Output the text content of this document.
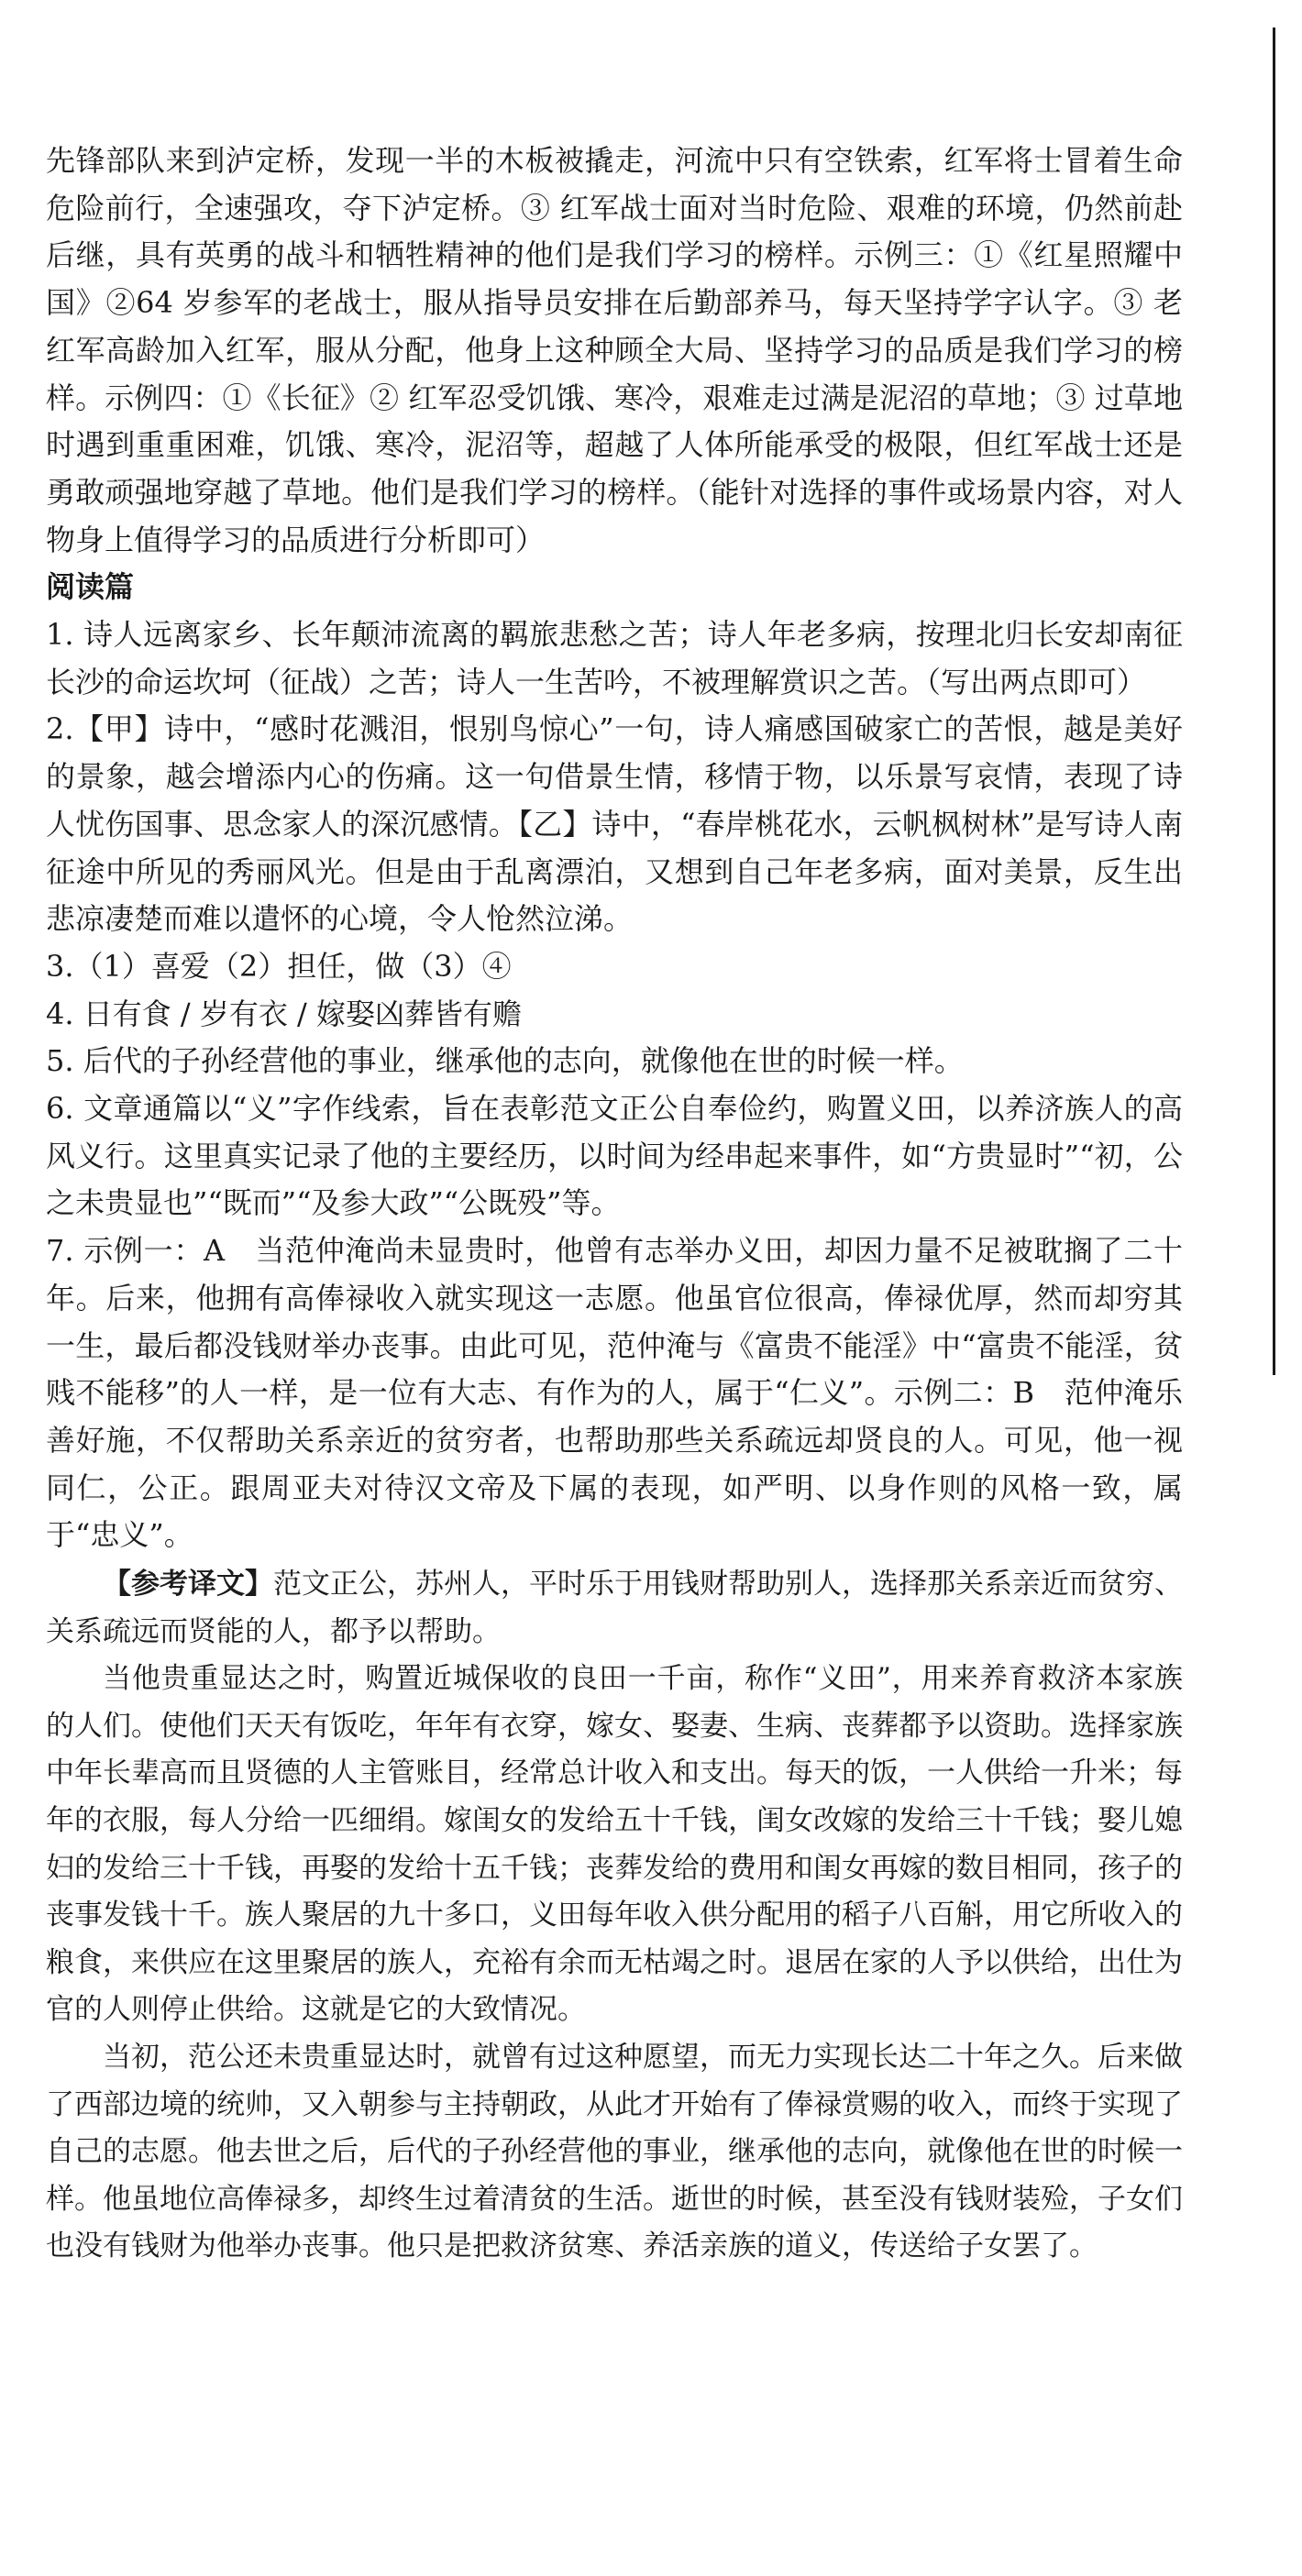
先锋部队来到泸定桥，发现一半的木板被撬走，河流中只有空铁索，红军将士冒着生命危险前行，全速强攻，夺下泸定桥。③ 红军战士面对当时危险、艰难的环境，仍然前赴后继，具有英勇的战斗和牺牲精神的他们是我们学习的榜样。示例三：①《红星照耀中国》②64 岁参军的老战士，服从指导员安排在后勤部养马，每天坚持学字认字。③ 老红军高龄加入红军，服从分配，他身上这种顾全大局、坚持学习的品质是我们学习的榜样。示例四：①《长征》② 红军忍受饥饿、寒冷，艰难走过满是泥沼的草地；③ 过草地时遇到重重困难，饥饿、寒冷，泥沼等，超越了人体所能承受的极限，但红军战士还是勇敢顽强地穿越了草地。他们是我们学习的榜样。（能针对选择的事件或场景内容，对人物身上值得学习的品质进行分析即可）

阅读篇

1. 诗人远离家乡、长年颠沛流离的羁旅悲愁之苦；诗人年老多病，按理北归长安却南征长沙的命运坎坷（征战）之苦；诗人一生苦吟，不被理解赏识之苦。（写出两点即可）

2.【甲】诗中，“感时花溅泪，恨别鸟惊心”一句，诗人痛感国破家亡的苦恨，越是美好的景象，越会增添内心的伤痛。这一句借景生情，移情于物，以乐景写哀情，表现了诗人忧伤国事、思念家人的深沉感情。【乙】诗中，“春岸桃花水，云帆枫树林”是写诗人南征途中所见的秀丽风光。但是由于乱离漂泊，又想到自己年老多病，面对美景，反生出悲凉凄楚而难以遣怀的心境，令人怆然泣涕。

3.（1）喜爱（2）担任，做（3）④

4. 日有食 / 岁有衣 / 嫁娶凶葬皆有赡

5. 后代的子孙经营他的事业，继承他的志向，就像他在世的时候一样。

6. 文章通篇以“义”字作线索，旨在表彰范文正公自奉俭约，购置义田，以养济族人的高风义行。这里真实记录了他的主要经历，以时间为经串起来事件，如“方贵显时”“初，公之未贵显也”“既而”“及参大政”“公既殁”等。

7. 示例一：A　当范仲淹尚未显贵时，他曾有志举办义田，却因力量不足被耽搁了二十年。后来，他拥有高俸禄收入就实现这一志愿。他虽官位很高，俸禄优厚，然而却穷其一生，最后都没钱财举办丧事。由此可见，范仲淹与《富贵不能淫》中“富贵不能淫，贫贱不能移”的人一样，是一位有大志、有作为的人，属于“仁义”。示例二：B　范仲淹乐善好施，不仅帮助关系亲近的贫穷者，也帮助那些关系疏远却贤良的人。可见，他一视同仁，公正。跟周亚夫对待汉文帝及下属的表现，如严明、以身作则的风格一致，属于“忠义”。

【参考译文】范文正公，苏州人，平时乐于用钱财帮助别人，选择那关系亲近而贫穷、关系疏远而贤能的人，都予以帮助。

当他贵重显达之时，购置近城保收的良田一千亩，称作“义田”，用来养育救济本家族的人们。使他们天天有饭吃，年年有衣穿，嫁女、娶妻、生病、丧葬都予以资助。选择家族中年长辈高而且贤德的人主管账目，经常总计收入和支出。每天的饭，一人供给一升米；每年的衣服，每人分给一匹细绢。嫁闺女的发给五十千钱，闺女改嫁的发给三十千钱；娶儿媳妇的发给三十千钱，再娶的发给十五千钱；丧葬发给的费用和闺女再嫁的数目相同，孩子的丧事发钱十千。族人聚居的九十多口，义田每年收入供分配用的稻子八百斛，用它所收入的粮食，来供应在这里聚居的族人，充裕有余而无枯竭之时。退居在家的人予以供给，出仕为官的人则停止供给。这就是它的大致情况。

当初，范公还未贵重显达时，就曾有过这种愿望，而无力实现长达二十年之久。后来做了西部边境的统帅，又入朝参与主持朝政，从此才开始有了俸禄赏赐的收入，而终于实现了自己的志愿。他去世之后，后代的子孙经营他的事业，继承他的志向，就像他在世的时候一样。他虽地位高俸禄多，却终生过着清贫的生活。逝世的时候，甚至没有钱财装殓，子女们也没有钱财为他举办丧事。他只是把救济贫寒、养活亲族的道义，传送给子女罢了。
